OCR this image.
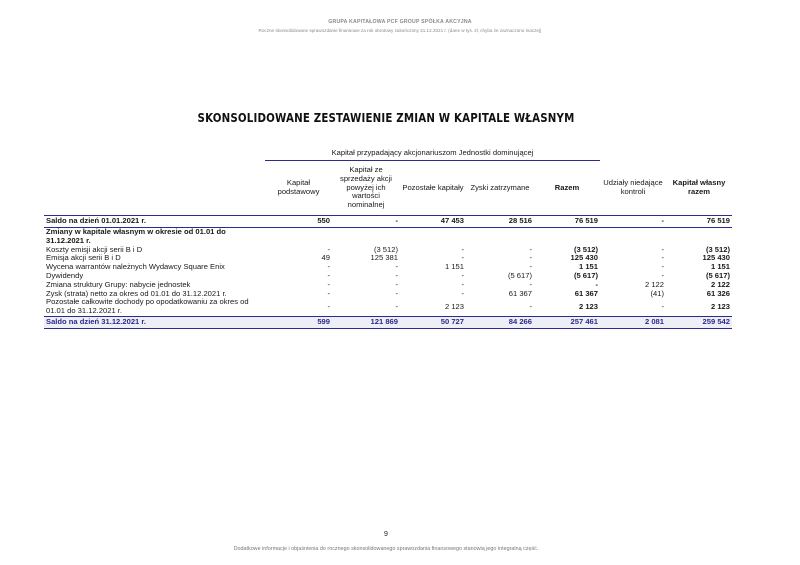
GRUPA KAPITAŁOWA PCF GROUP SPÓŁKA AKCYJNA
Roczne skonsolidowane sprawozdanie finansowe za rok obrotowy zakończony 31.12.2021 r. (dane w tys. zł, chyba że zaznaczono inaczej)
SKONSOLIDOWANE ZESTAWIENIE ZMIAN W KAPITALE WŁASNYM
	Kapitał przypadający akcjonariuszom Jednostki dominującej						
	Kapitał podstawowy	Kapitał ze sprzedaży akcji powyżej ich wartości nominalnej	Pozostałe kapitały	Zyski zatrzymane	Razem	Udziały niedające kontroli	Kapitał własny razem
Saldo na dzień 01.01.2021 r.	550	-	47 453	28 516	76 519	-	76 519
Zmiany w kapitale własnym w okresie od 01.01 do 31.12.2021 r.							
Koszty emisji akcji serii B i D	-	(3 512)	-	-	(3 512)	-	(3 512)
Emisja akcji serii B i D	49	125 381	-	-	125 430	-	125 430
Wycena warrantów należnych Wydawcy Square Enix	-	-	1 151	-	1 151	-	1 151
Dywidendy	-	-	-	(5 617)	(5 617)	-	(5 617)
Zmiana struktury Grupy: nabycie jednostek	-	-	-	-	-	2 122	2 122
Zysk (strata) netto za okres od 01.01 do 31.12.2021 r.	-	-	-	61 367	61 367	(41)	61 326
Pozostałe całkowite dochody po opodatkowaniu za okres od 01.01 do 31.12.2021 r.	-	-	2 123	-	2 123	-	2 123
Saldo na dzień 31.12.2021 r.	599	121 869	50 727	84 266	257 461	2 081	259 542
9
Dodatkowe informacje i objaśnienia do rocznego skonsolidowanego sprawozdania finansowego stanowią jego integralną część.
